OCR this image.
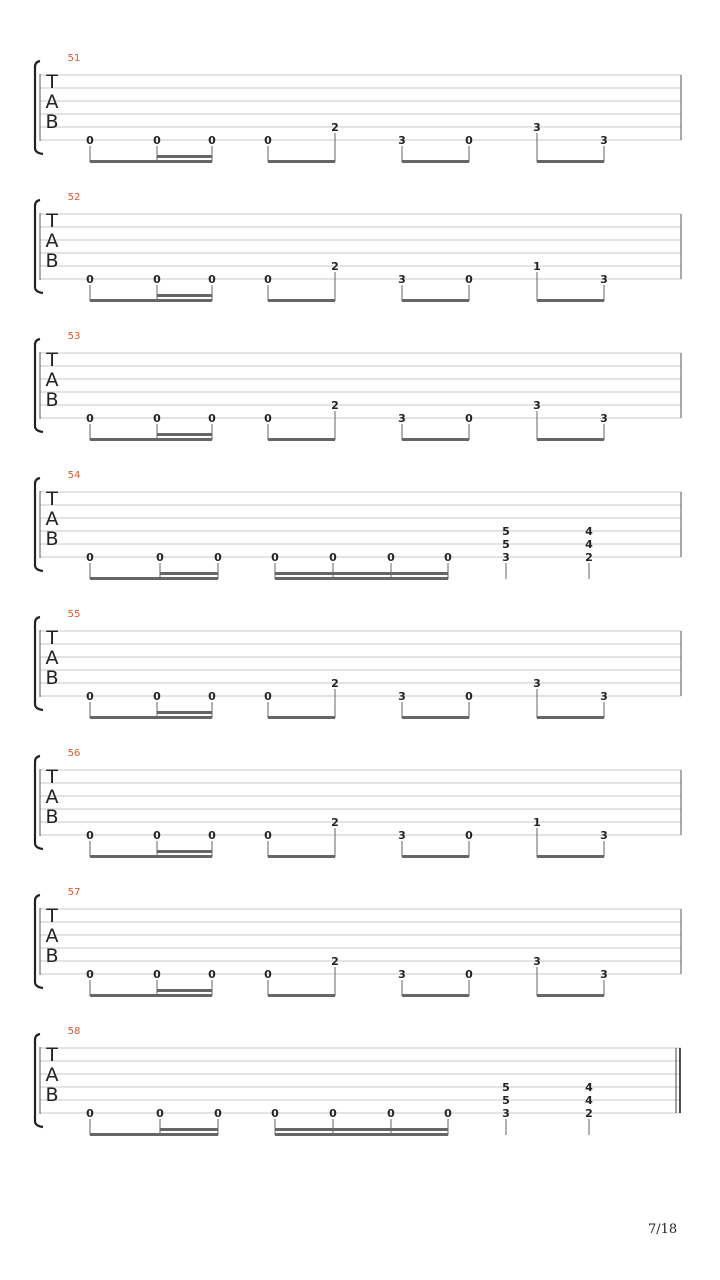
51
T
A
B
0	0	0	0
2
3	0
3
3
52
T
A
B
0	0	0	0
2
3	0
1
3
53
T
A
B
0	0	0	0
2
3	0
3
3
54
T
A
B
0	0	0	0	0	0	0
5
5
3
4
4
2
55
T
A
B
0	0	0	0
2
3	0
3
3
56
T
A
B
0	0	0	0
2
3	0
1
3
57
T
A
B
0	0	0	0
2
3	0
3
3
58
T
A
B
0	0	0	0	0	0	0
5
5
3
4
4
2
7/18
